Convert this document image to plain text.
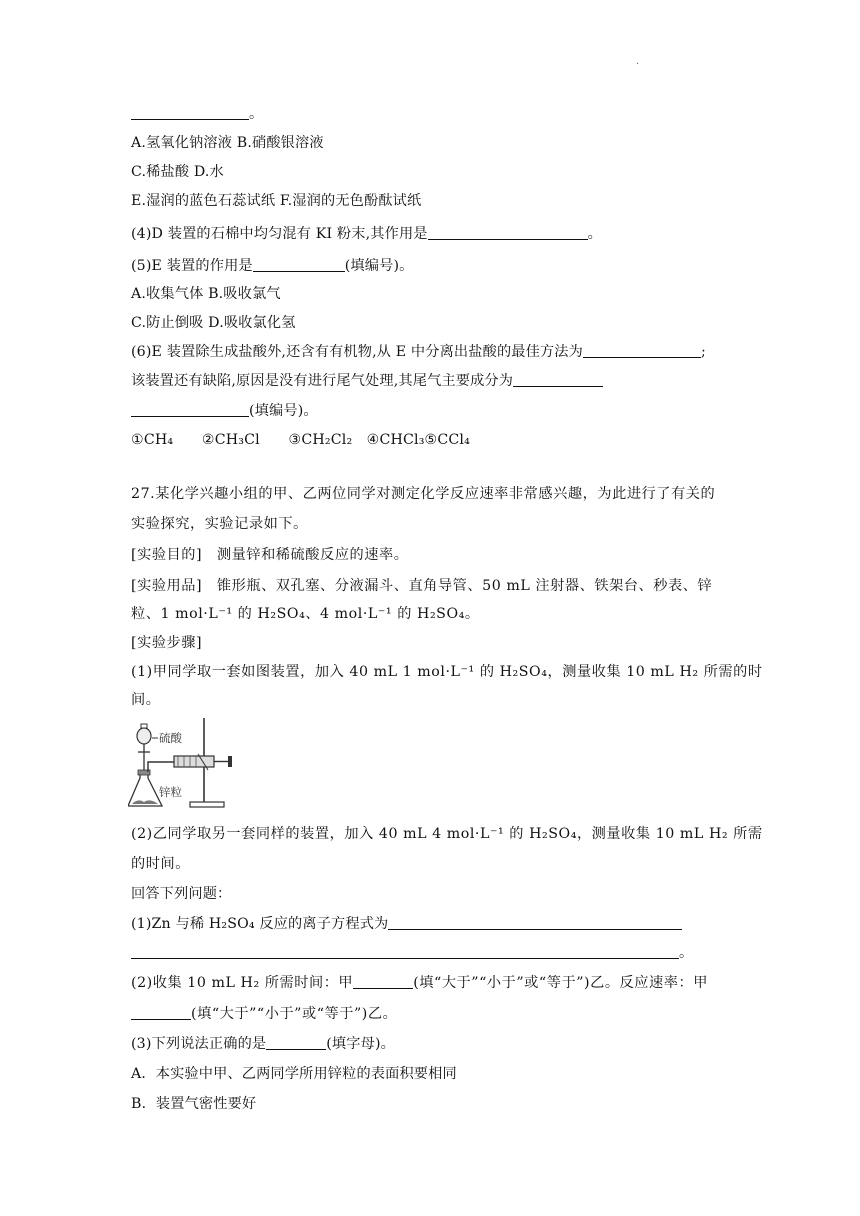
.
。
A.氢氧化钠溶液 B.硝酸银溶液
C.稀盐酸 D.水
E.湿润的蓝色石蕊试纸 F.湿润的无色酚酞试纸
(4)D 装置的石棉中均匀混有 KI 粉末,其作用是	。
(5)E 装置的作用是	(填编号)。
A.收集气体 B.吸收氯气
C.防止倒吸 D.吸收氯化氢
(6)E 装置除生成盐酸外,还含有有机物,从 E 中分离出盐酸的最佳方法为	;
该装置还有缺陷,原因是没有进行尾气处理,其尾气主要成分为
(填编号)。
①CH₄　　②CH₃Cl　　③CH₂Cl₂　④CHCl₃⑤CCl₄
27.某化学兴趣小组的甲、乙两位同学对测定化学反应速率非常感兴趣，为此进行了有关的
实验探究，实验记录如下。
[实验目的]　测量锌和稀硫酸反应的速率。
[实验用品]　锥形瓶、双孔塞、分液漏斗、直角导管、50 mL 注射器、铁架台、秒表、锌
粒、1 mol·L⁻¹ 的 H₂SO₄、4 mol·L⁻¹ 的 H₂SO₄。
[实验步骤]
(1)甲同学取一套如图装置，加入 40 mL 1 mol·L⁻¹ 的 H₂SO₄，测量收集 10 mL H₂ 所需的时
间。
硫酸
锌粒
(2)乙同学取另一套同样的装置，加入 40 mL 4 mol·L⁻¹ 的 H₂SO₄，测量收集 10 mL H₂ 所需
的时间。
回答下列问题：
(1)Zn 与稀 H₂SO₄ 反应的离子方程式为
。
(2)收集 10 mL H₂ 所需时间：甲	(填“大于”“小于”或“等于”)乙。反应速率：甲
(填“大于”“小于”或“等于”)乙。
(3)下列说法正确的是	(填字母)。
A．本实验中甲、乙两同学所用锌粒的表面积要相同
B．装置气密性要好
